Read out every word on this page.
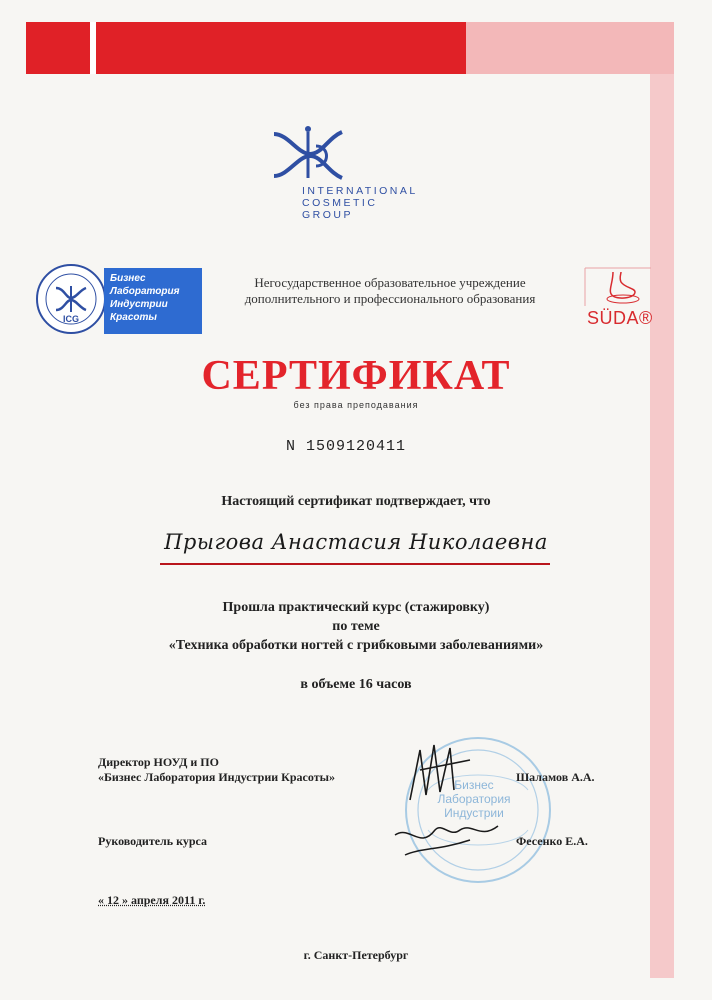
INTERNATIONAL
COSMETIC
GROUP
ICG
Бизнес
Лаборатория
Индустрии
Красоты	SÜDA®
Негосударственное образовательное учреждение
дополнительного и профессионального образования
СЕРТИФИКАТ
без права преподавания
N 1509120411
Настоящий сертификат подтверждает, что
Прыгова Анастасия Николаевна
Прошла практический курс (стажировку)
по теме
«Техника обработки ногтей с грибковыми заболеваниями»
в объеме 16 часов
Бизнес
Лаборатория
Индустрии
Директор НОУД и ПО
«Бизнес Лаборатория Индустрии Красоты»	Шаламов А.А.
Руководитель курса	Фесенко Е.А.
« 12 » апреля 2011 г.
г. Санкт-Петербург
